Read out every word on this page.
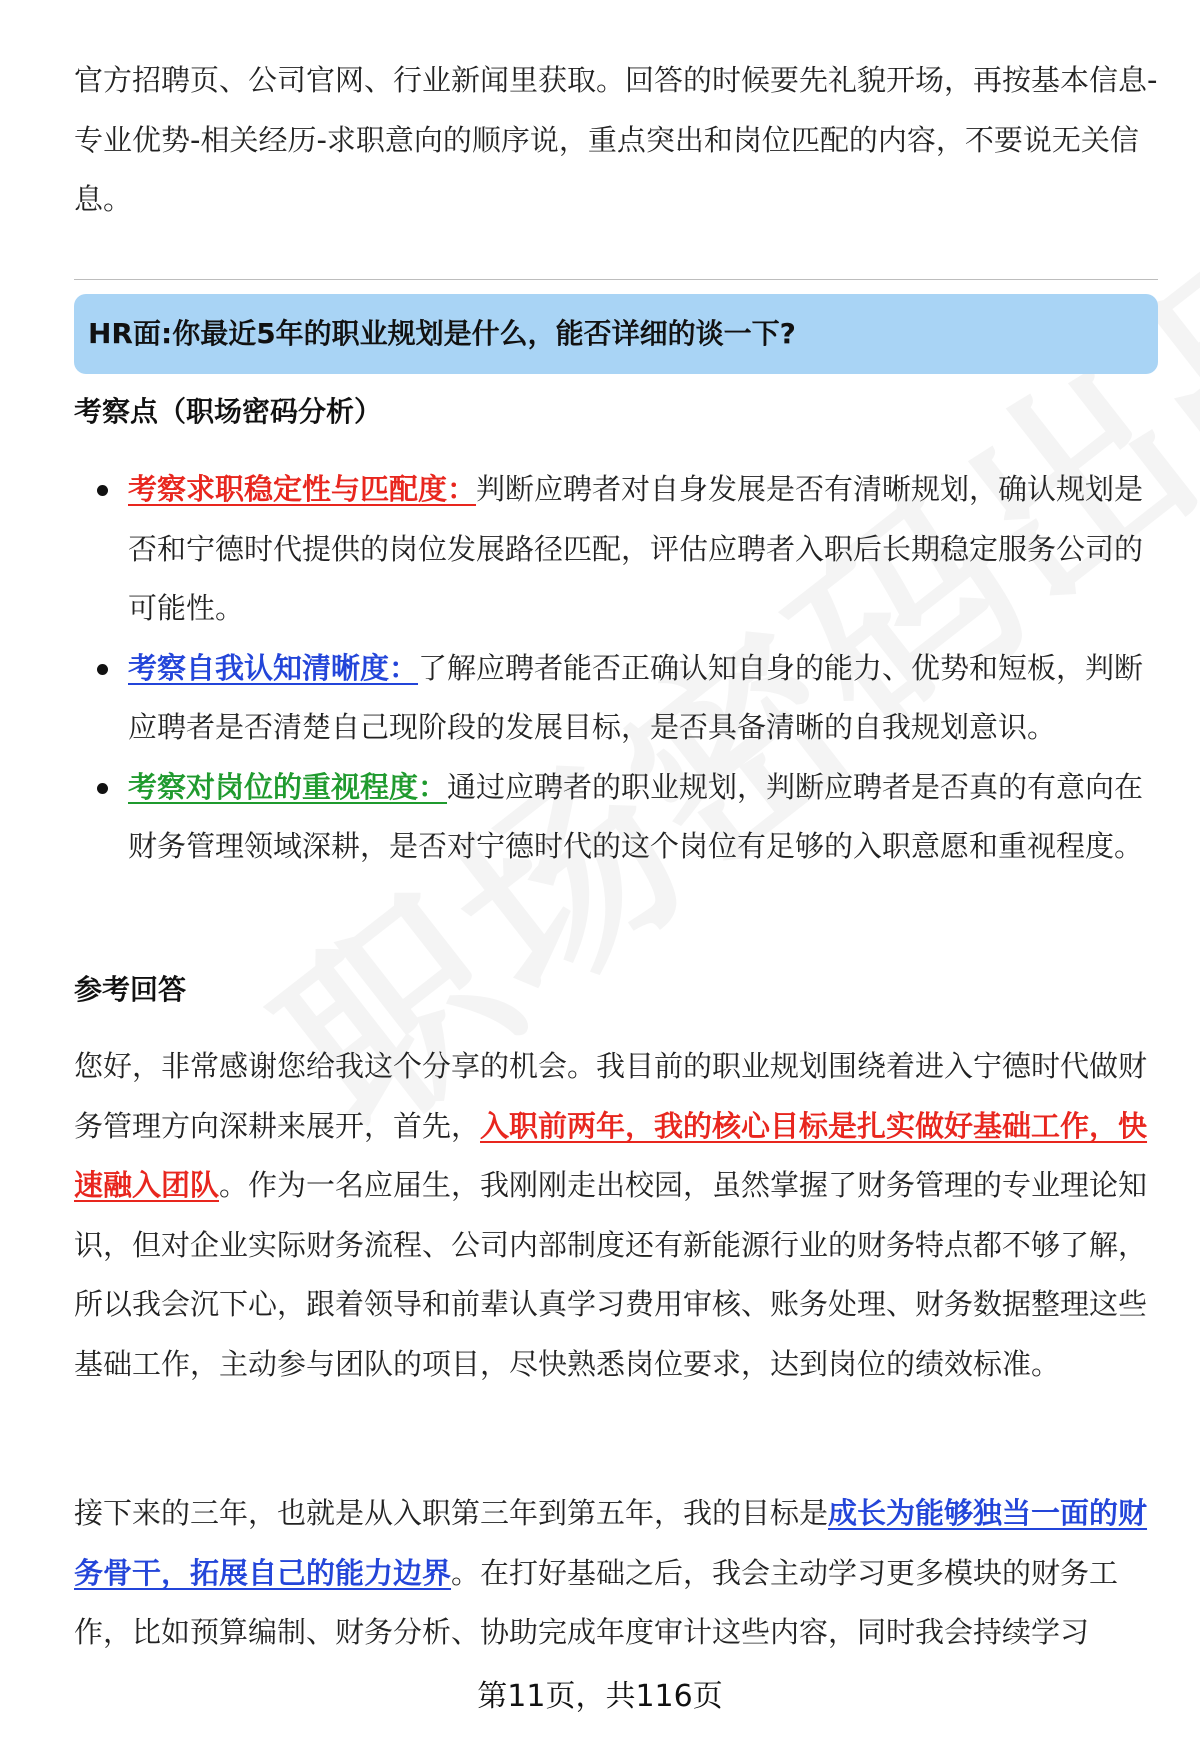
官方招聘页、公司官网、行业新闻里获取。回答的时候要先礼貌开场，再按基本信息-专业优势-相关经历-求职意向的顺序说，重点突出和岗位匹配的内容，不要说无关信息。

HR面:你最近5年的职业规划是什么，能否详细的谈一下?
考察点（职场密码分析）
考察求职稳定性与匹配度：判断应聘者对自身发展是否有清晰规划，确认规划是否和宁德时代提供的岗位发展路径匹配，评估应聘者入职后长期稳定服务公司的可能性。
考察自我认知清晰度：了解应聘者能否正确认知自身的能力、优势和短板，判断应聘者是否清楚自己现阶段的发展目标，是否具备清晰的自我规划意识。
考察对岗位的重视程度：通过应聘者的职业规划，判断应聘者是否真的有意向在财务管理领域深耕，是否对宁德时代的这个岗位有足够的入职意愿和重视程度。
参考回答

您好，非常感谢您给我这个分享的机会。我目前的职业规划围绕着进入宁德时代做财务管理方向深耕来展开，首先，入职前两年，我的核心目标是扎实做好基础工作，快速融入团队。作为一名应届生，我刚刚走出校园，虽然掌握了财务管理的专业理论知识，但对企业实际财务流程、公司内部制度还有新能源行业的财务特点都不够了解，所以我会沉下心，跟着领导和前辈认真学习费用审核、账务处理、财务数据整理这些基础工作，主动参与团队的项目，尽快熟悉岗位要求，达到岗位的绩效标准。

接下来的三年，也就是从入职第三年到第五年，我的目标是成长为能够独当一面的财务骨干，拓展自己的能力边界。在打好基础之后，我会主动学习更多模块的财务工作，比如预算编制、财务分析、协助完成年度审计这些内容，同时我会持续学习

第11页，共116页
